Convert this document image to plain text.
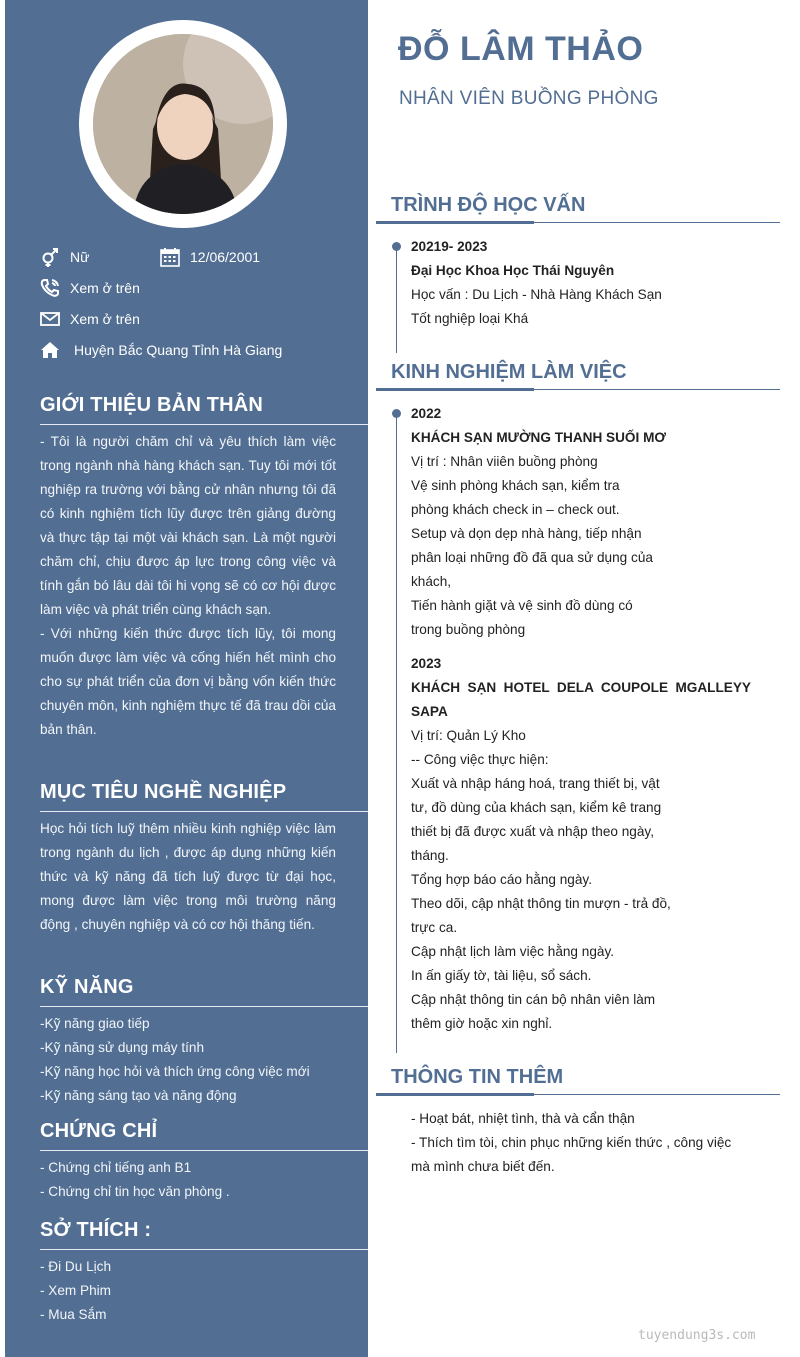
Nữ	12/06/2001
Xem ở trên
Xem ở trên
Huyện Bắc Quang Tỉnh Hà Giang
GIỚI THIỆU BẢN THÂN
- Tôi là người chăm chỉ và yêu thích làm việc trong ngành nhà hàng khách sạn. Tuy tôi mới tốt nghiệp ra trường với bằng cử nhân nhưng tôi đã có kinh nghiệm tích lũy được trên giảng đường và thực tập tại một vài khách sạn. Là một người chăm chỉ, chịu được áp lực trong công việc và tính gắn bó lâu dài tôi hi vọng sẽ có cơ hội được làm việc và phát triển cùng khách sạn.
- Với những kiến thức được tích lũy, tôi mong muốn được làm việc và cống hiến hết mình cho cho sự phát triển của đơn vị bằng vốn kiến thức chuyên môn, kinh nghiệm thực tế đã trau dồi của bản thân.
MỤC TIÊU NGHỀ NGHIỆP
Học hỏi tích luỹ thêm nhiều kinh nghiệp việc làm trong ngành du lịch , được áp dụng những kiến thức và kỹ năng đã tích luỹ được từ đại học, mong được làm việc trong môi trường năng động , chuyên nghiệp và có cơ hội thăng tiến.
KỸ NĂNG
-Kỹ năng giao tiếp
-Kỹ năng sử dụng máy tính
-Kỹ năng học hỏi và thích ứng công việc mới
-Kỹ năng sáng tạo và năng động
CHỨNG CHỈ
- Chứng chỉ tiếng anh B1
- Chứng chỉ tin học văn phòng .
SỞ THÍCH :
- Đi Du Lịch
- Xem Phim
- Mua Sắm
ĐỖ LÂM THẢO
NHÂN VIÊN BUỒNG PHÒNG
TRÌNH ĐỘ HỌC VẤN
20219- 2023
Đại Học Khoa Học Thái Nguyên
Học vấn : Du Lịch - Nhà Hàng Khách Sạn
Tốt nghiệp loại Khá
KINH NGHIỆM LÀM VIỆC
2022
KHÁCH SẠN MƯỜNG THANH SUỐI MƠ
Vị trí : Nhân viiên buồng phòng
Vệ sinh phòng khách sạn, kiểm tra
phòng khách check in – check out.
Setup và dọn dẹp nhà hàng, tiếp nhận
phân loại những đồ đã qua sử dụng của
khách,
Tiến hành giặt và vệ sinh đồ dùng có
trong buồng phòng
2023
KHÁCH SẠN HOTEL DELA COUPOLE MGALLEYY
SAPA
Vị trí: Quản Lý Kho
-- Công việc thực hiện:
Xuất và nhập háng hoá, trang thiết bị, vật
tư, đồ dùng của khách sạn, kiểm kê trang
thiết bị đã được xuất và nhập theo ngày,
tháng.
Tổng hợp báo cáo hằng ngày.
Theo dõi, cập nhật thông tin mượn - trả đồ,
trực ca.
Cập nhật lịch làm việc hằng ngày.
In ấn giấy tờ, tài liệu, sổ sách.
Cập nhật thông tin cán bộ nhân viên làm
thêm giờ hoặc xin nghỉ.
THÔNG TIN THÊM
- Hoạt bát, nhiệt tình, thà và cẩn thận
- Thích tìm tòi, chin phục những kiến thức , công việc
mà mình chưa biết đến.
tuyendung3s.com
